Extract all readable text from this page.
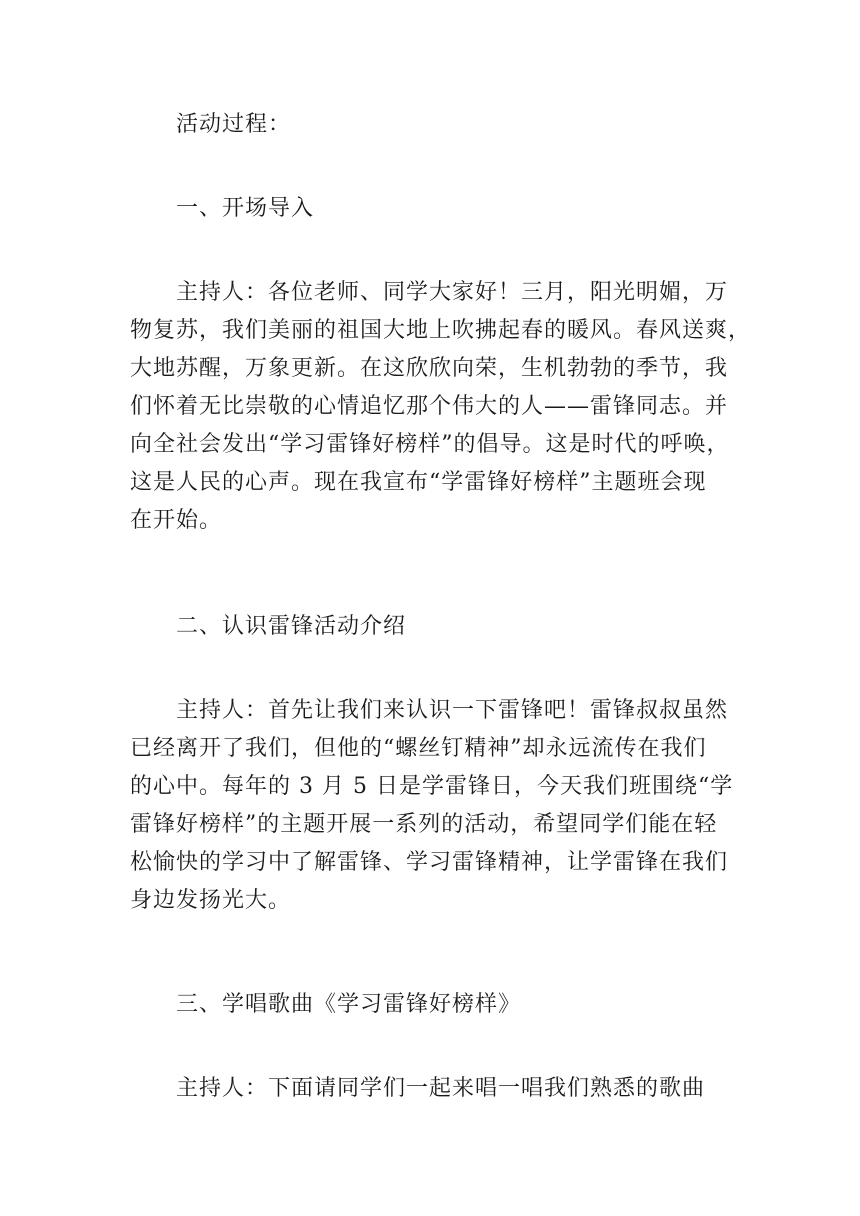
活动过程：
一、开场导入
主持人：各位老师、同学大家好！三月，阳光明媚，万
物复苏，我们美丽的祖国大地上吹拂起春的暖风。春风送爽，
大地苏醒，万象更新。在这欣欣向荣，生机勃勃的季节，我
们怀着无比崇敬的心情追忆那个伟大的人——雷锋同志。并
向全社会发出“学习雷锋好榜样”的倡导。这是时代的呼唤，
这是人民的心声。现在我宣布“学雷锋好榜样”主题班会现
在开始。
二、认识雷锋活动介绍
主持人：首先让我们来认识一下雷锋吧！雷锋叔叔虽然
已经离开了我们，但他的“螺丝钉精神”却永远流传在我们
的心中。每年的 3 月 5 日是学雷锋日，今天我们班围绕“学
雷锋好榜样”的主题开展一系列的活动，希望同学们能在轻
松愉快的学习中了解雷锋、学习雷锋精神，让学雷锋在我们
身边发扬光大。
三、学唱歌曲《学习雷锋好榜样》
主持人：下面请同学们一起来唱一唱我们熟悉的歌曲
